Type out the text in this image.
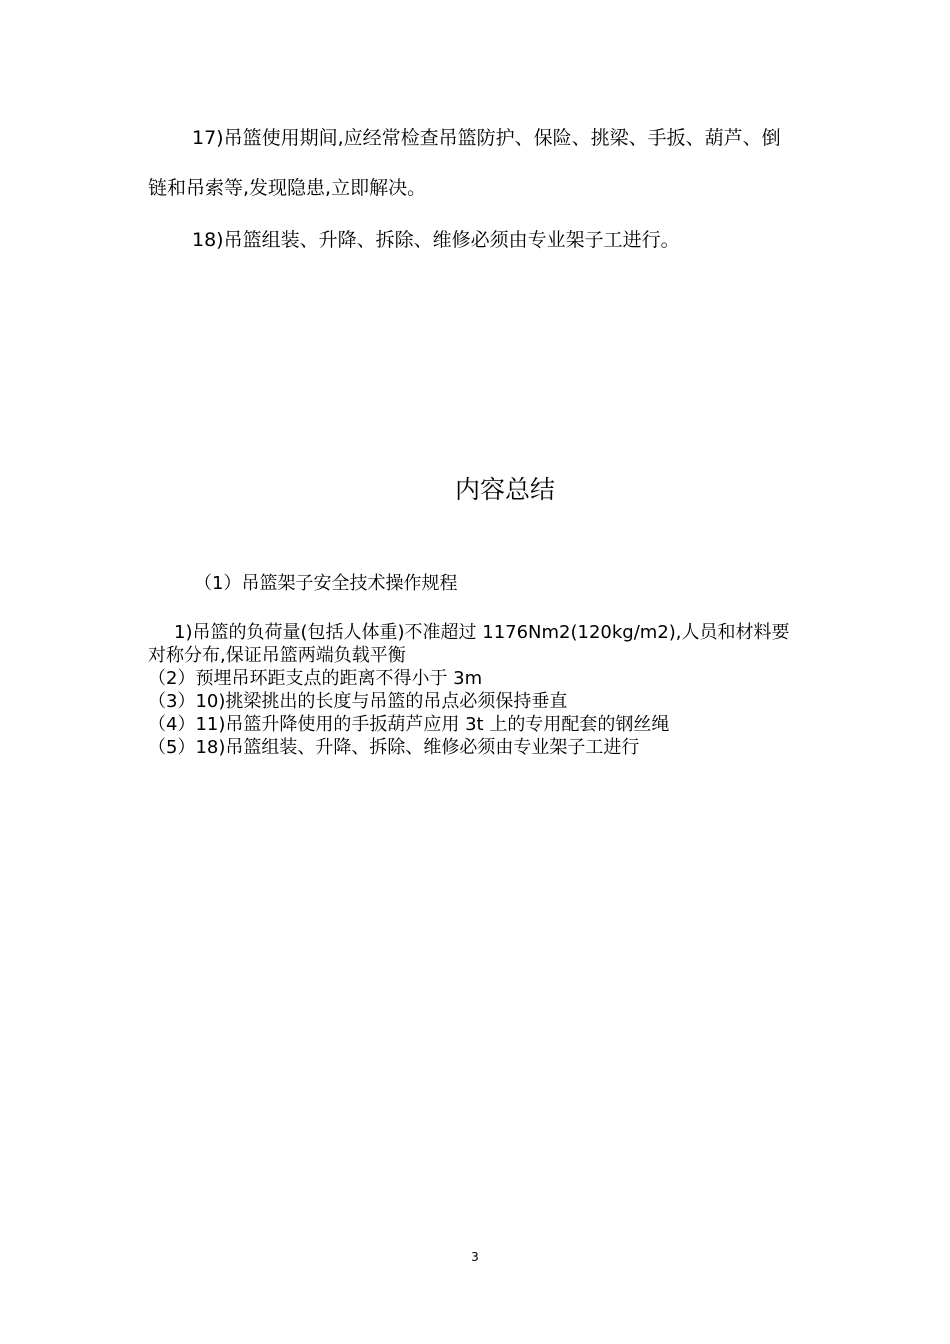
17)吊篮使用期间,应经常检查吊篮防护、保险、挑梁、手扳、葫芦、倒链和吊索等,发现隐患,立即解决。

18)吊篮组装、升降、拆除、维修必须由专业架子工进行。

内容总结

（1）吊篮架子安全技术操作规程

1)吊篮的负荷量(包括人体重)不准超过 1176Nm2(120kg/m2),人员和材料要对称分布,保证吊篮两端负载平衡
（2）预埋吊环距支点的距离不得小于 3m
（3）10)挑梁挑出的长度与吊篮的吊点必须保持垂直
（4）11)吊篮升降使用的手扳葫芦应用 3t 上的专用配套的钢丝绳
（5）18)吊篮组装、升降、拆除、维修必须由专业架子工进行

3
